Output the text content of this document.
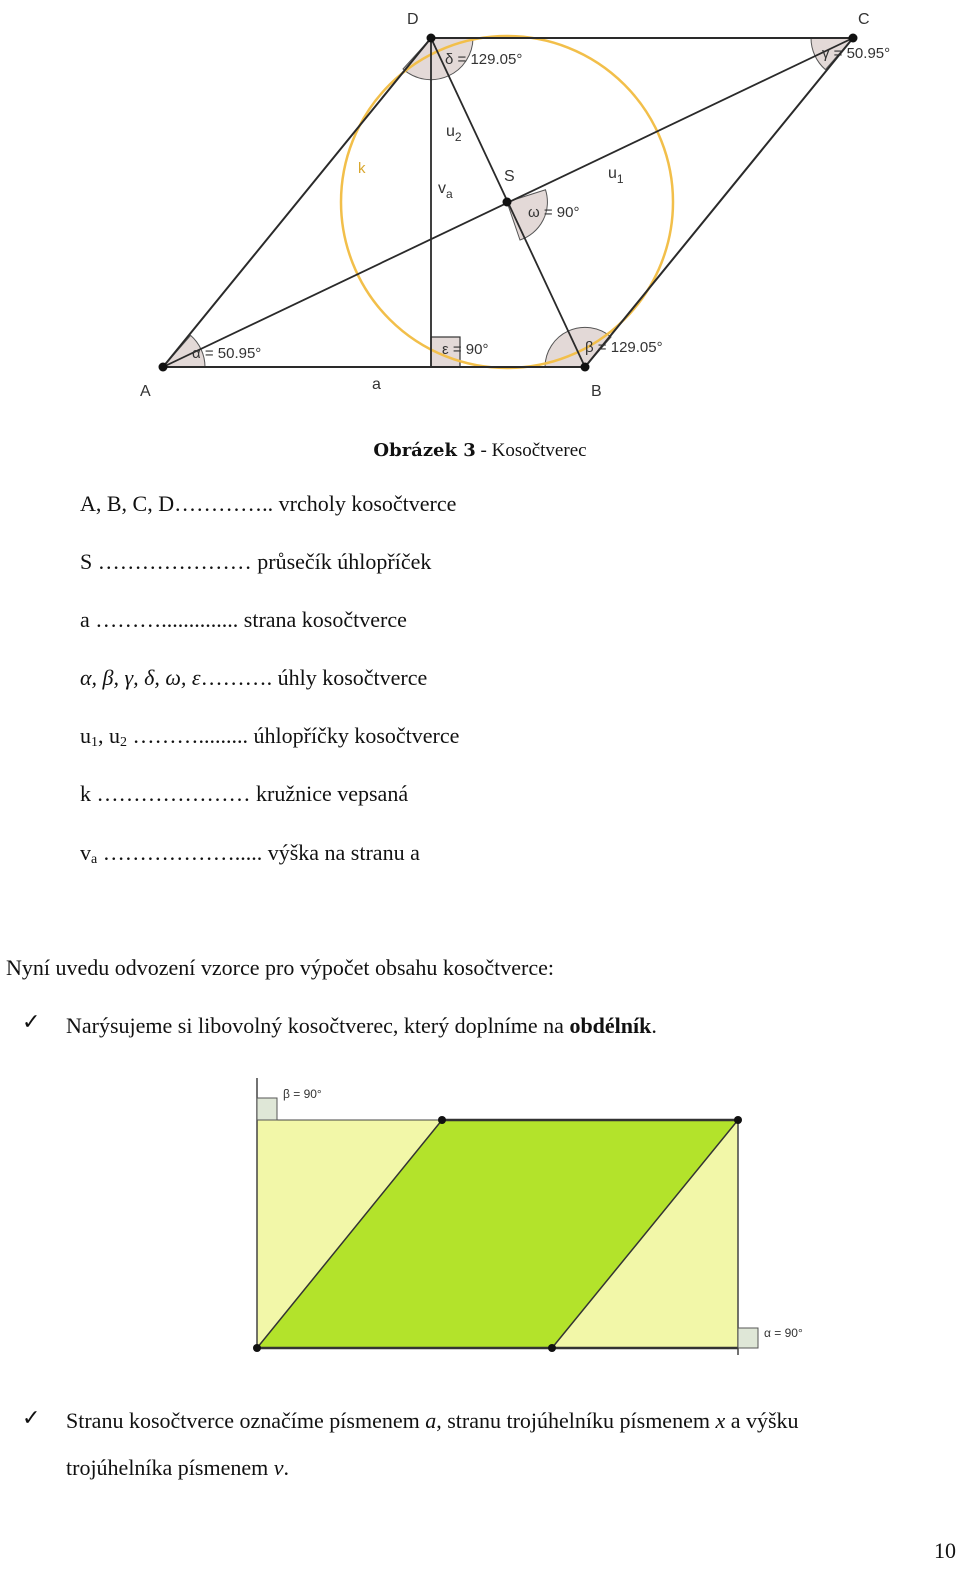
A	B
C
D
S	$u_1$
$u_2$
$v_a$
k
a
α = 50.95°	β = 129.05°
γ = 50.95°
δ = 129.05°
ω = 90°
ε = 90°
Obrázek 3 - Kosočtverec
A, B, C, D………….. vrcholy kosočtverce
S ………………… průsečík úhlopříček
a ……….............. strana kosočtverce
α, β, γ, δ, ω, ε………. úhly kosočtverce
$u_1$, $u_2$ ………......... úhlopříčky kosočtverce
k ………………… kružnice vepsaná
$v_a$ ………………..... výška na stranu a
Nyní uvedu odvození vzorce pro výpočet obsahu kosočtverce:
✓ Narýsujeme si libovolný kosočtverec, který doplníme na obdélník.
β = 90°
α = 90°
✓ Stranu kosočtverce označíme písmenem a, stranu trojúhelníku písmenem x a výšku
trojúhelníka písmenem v.
10
